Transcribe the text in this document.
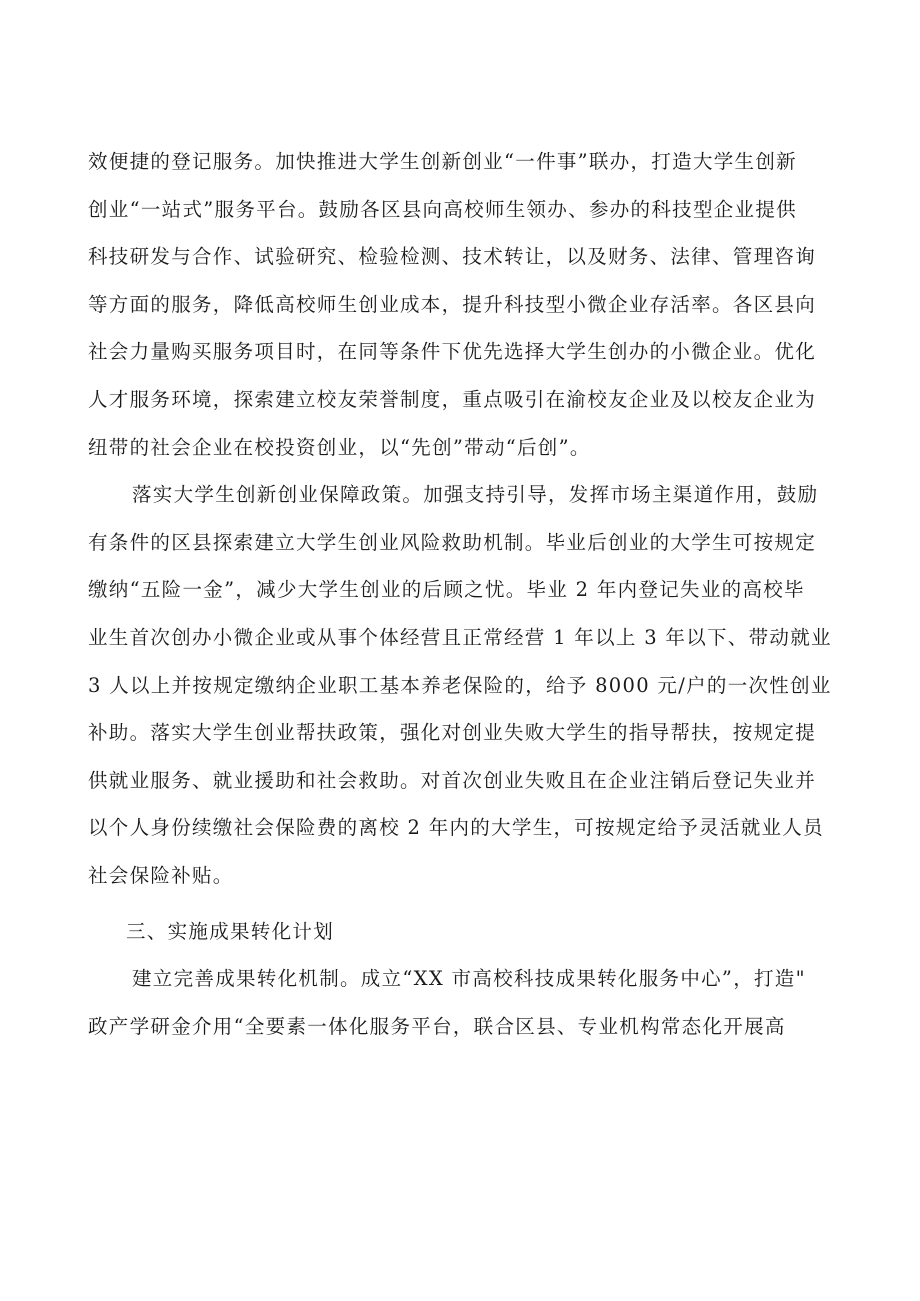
效便捷的登记服务。加快推进大学生创新创业“一件事”联办，打造大学生创新
创业“一站式”服务平台。鼓励各区县向高校师生领办、参办的科技型企业提供
科技研发与合作、试验研究、检验检测、技术转让，以及财务、法律、管理咨询
等方面的服务，降低高校师生创业成本，提升科技型小微企业存活率。各区县向
社会力量购买服务项目时，在同等条件下优先选择大学生创办的小微企业。优化
人才服务环境，探索建立校友荣誉制度，重点吸引在渝校友企业及以校友企业为
纽带的社会企业在校投资创业，以“先创”带动“后创”。

落实大学生创新创业保障政策。加强支持引导，发挥市场主渠道作用，鼓励
有条件的区县探索建立大学生创业风险救助机制。毕业后创业的大学生可按规定
缴纳“五险一金”，减少大学生创业的后顾之忧。毕业 2 年内登记失业的高校毕
业生首次创办小微企业或从事个体经营且正常经营 1 年以上 3 年以下、带动就业
3 人以上并按规定缴纳企业职工基本养老保险的，给予 8000 元/户的一次性创业
补助。落实大学生创业帮扶政策，强化对创业失败大学生的指导帮扶，按规定提
供就业服务、就业援助和社会救助。对首次创业失败且在企业注销后登记失业并
以个人身份续缴社会保险费的离校 2 年内的大学生，可按规定给予灵活就业人员
社会保险补贴。

三、实施成果转化计划

建立完善成果转化机制。成立“XX 市高校科技成果转化服务中心”，打造"
政产学研金介用“全要素一体化服务平台，联合区县、专业机构常态化开展高
